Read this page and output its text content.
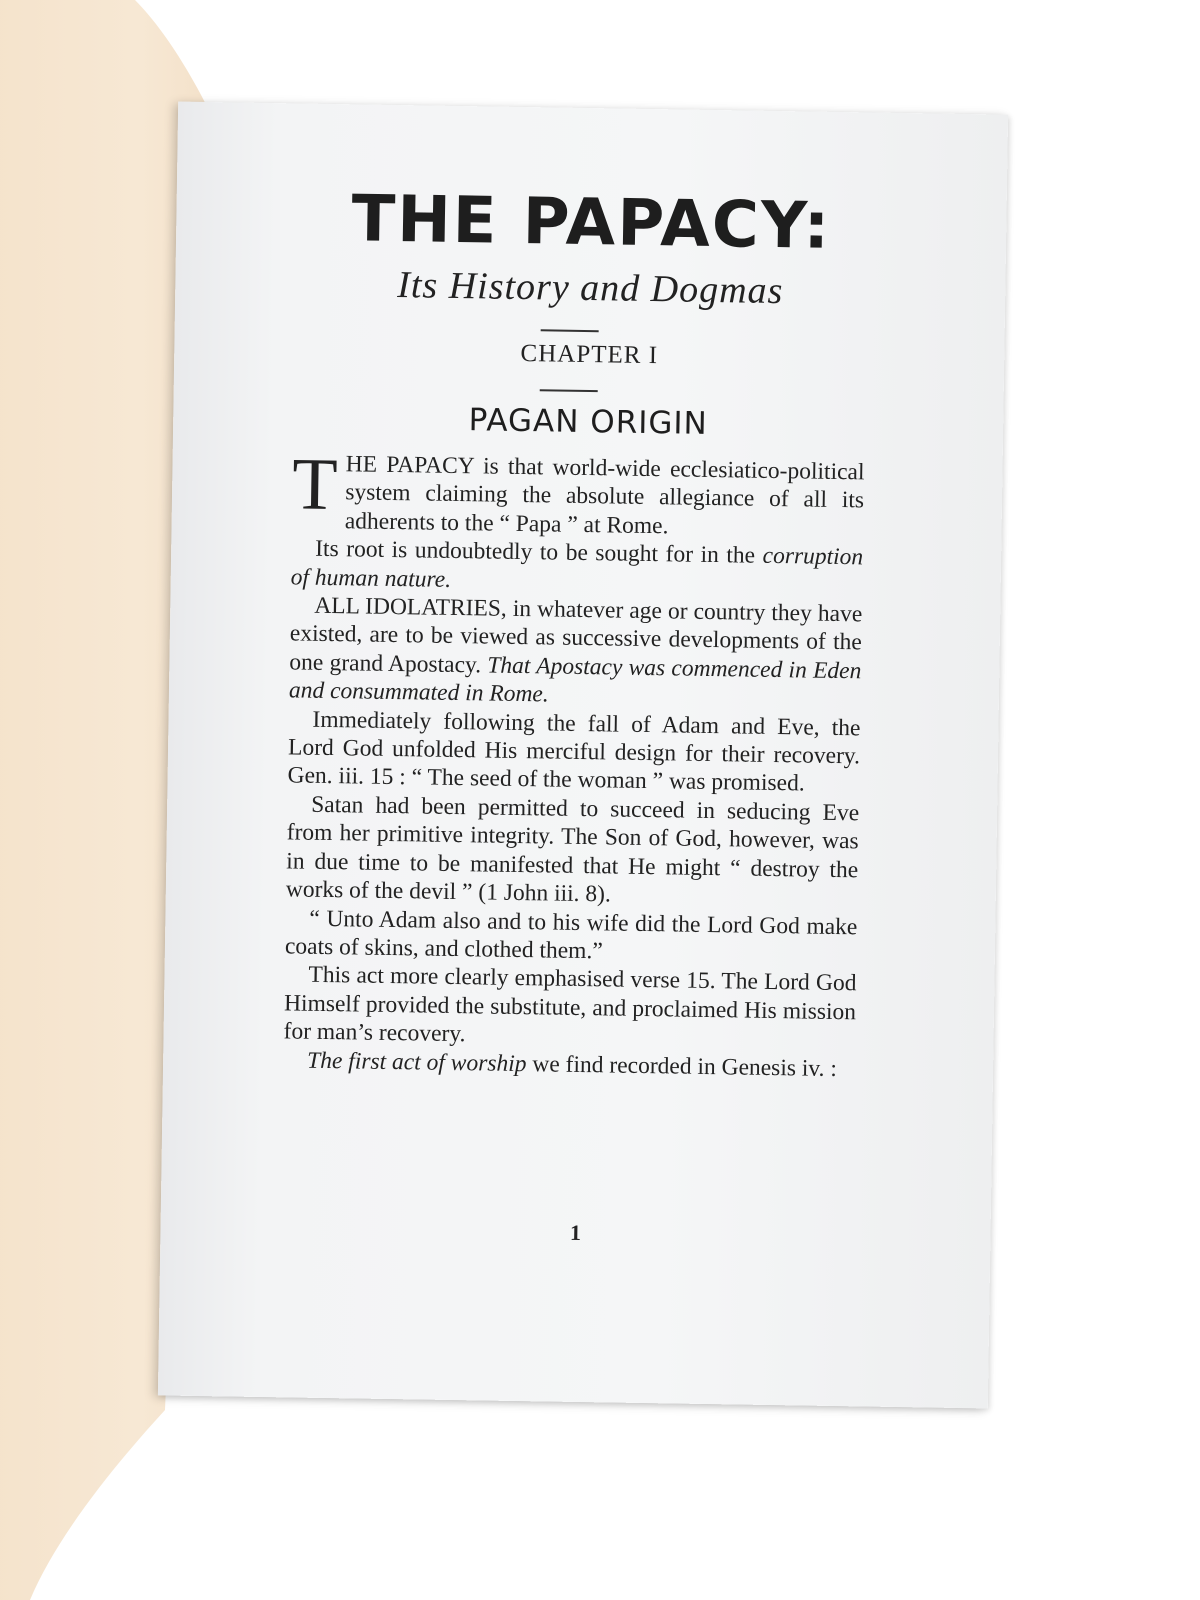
THE PAPACY:
Its History and Dogmas
CHAPTER I
PAGAN ORIGIN

THE PAPACY is that world-wide ecclesiatico-political system claiming the absolute allegiance of all its adherents to the “ Papa ” at Rome.

Its root is undoubtedly to be sought for in the corruption of human nature.

ALL IDOLATRIES, in whatever age or country they have existed, are to be viewed as successive developments of the one grand Apostacy. That Apostacy was commenced in Eden and consummated in Rome.

Immediately following the fall of Adam and Eve, the Lord God unfolded His merciful design for their recovery. Gen. iii. 15 : “ The seed of the woman ” was promised.

Satan had been permitted to succeed in seducing Eve from her primitive integrity. The Son of God, however, was in due time to be manifested that He might “ destroy the works of the devil ” (1 John iii. 8).

“ Unto Adam also and to his wife did the Lord God make coats of skins, and clothed them.”

This act more clearly emphasised verse 15. The Lord God Himself provided the substitute, and proclaimed His mission for man’s recovery.

The first act of worship we find recorded in Genesis iv. :

1
